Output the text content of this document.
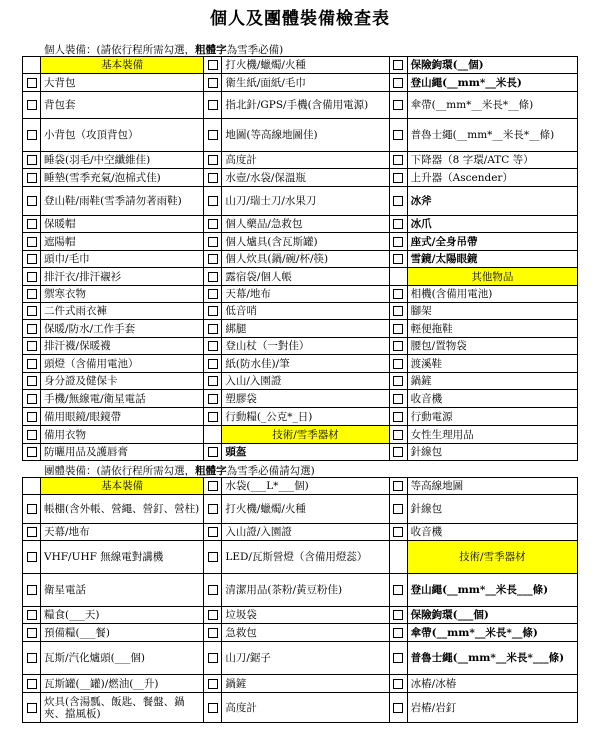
個人及團體裝備檢查表
個人裝備：(請依行程所需勾選，粗體字為雪季必備)
	基本裝備		打火機/蠟燭/火種		保險鉤環(__個)
	大背包		衛生紙/面紙/毛巾		登山繩(__mm*__米長)
	背包套		指北針/GPS/手機(含備用電源)		傘帶(__mm*__米長*__條)
	小背包（攻頂背包）		地圖(等高線地圖佳)		普魯士繩(__mm*__米長*__條)
	睡袋(羽毛/中空纖維佳)		高度計		下降器（8 字環/ATC 等）
	睡墊(雪季充氣/泡棉式佳)		水壺/水袋/保溫瓶		上升器（Ascender）
	登山鞋/雨鞋(雪季請勿著雨鞋)		山刀/瑞士刀/水果刀		冰斧
	保暖帽		個人藥品/急救包		冰爪
	遮陽帽		個人爐具(含瓦斯罐)		座式/全身吊帶
	頭巾/毛巾		個人炊具(鍋/碗/杯/筷)		雪鏡/太陽眼鏡
	排汗衣/排汗襯衫		露宿袋/個人帳		其他物品
	禦寒衣物		天幕/地布		相機(含備用電池)
	二件式雨衣褲		低音哨		腳架
	保暖/防水/工作手套		綁腿		輕便拖鞋
	排汗襪/保暖襪		登山杖（一對佳）		腰包/置物袋
	頭燈（含備用電池）		紙(防水佳)/筆		渡溪鞋
	身分證及健保卡		入山/入園證		鍋鏟
	手機/無線電/衛星電話		塑膠袋		收音機
	備用眼鏡/眼鏡帶		行動糧(_公克*_日)		行動電源
	備用衣物		技術/雪季器材		女性生理用品
	防曬用品及護唇膏		頭盔		針線包
團體裝備：(請依行程所需勾選，粗體字為雪季必備請勾選)
	基本裝備		水袋(___L*___個)		等高線地圖
	帳棚(含外帳、營繩、營釘、營柱)		打火機/蠟燭/火種		針線包
	天幕/地布		入山證/入園證		收音機
	VHF/UHF 無線電對講機		LED/瓦斯營燈（含備用燈蕊）		技術/雪季器材
	衛星電話		清潔用品(茶粉/黃豆粉佳)		登山繩(__mm*__米長___條)
	糧食(___天)		垃圾袋		保險鉤環(___個)
	預備糧(___餐)		急救包		傘帶(__mm*__米長*__條)
	瓦斯/汽化爐頭(___個)		山刀/鋸子		普魯士繩(__mm*__米長*___條)
	瓦斯罐(__罐)/燃油(__升)		鍋鏟		冰樁/冰椿
	炊具(含湯瓢、飯匙、餐盤、鍋夾、擋風板)		高度計		岩樁/岩釘
